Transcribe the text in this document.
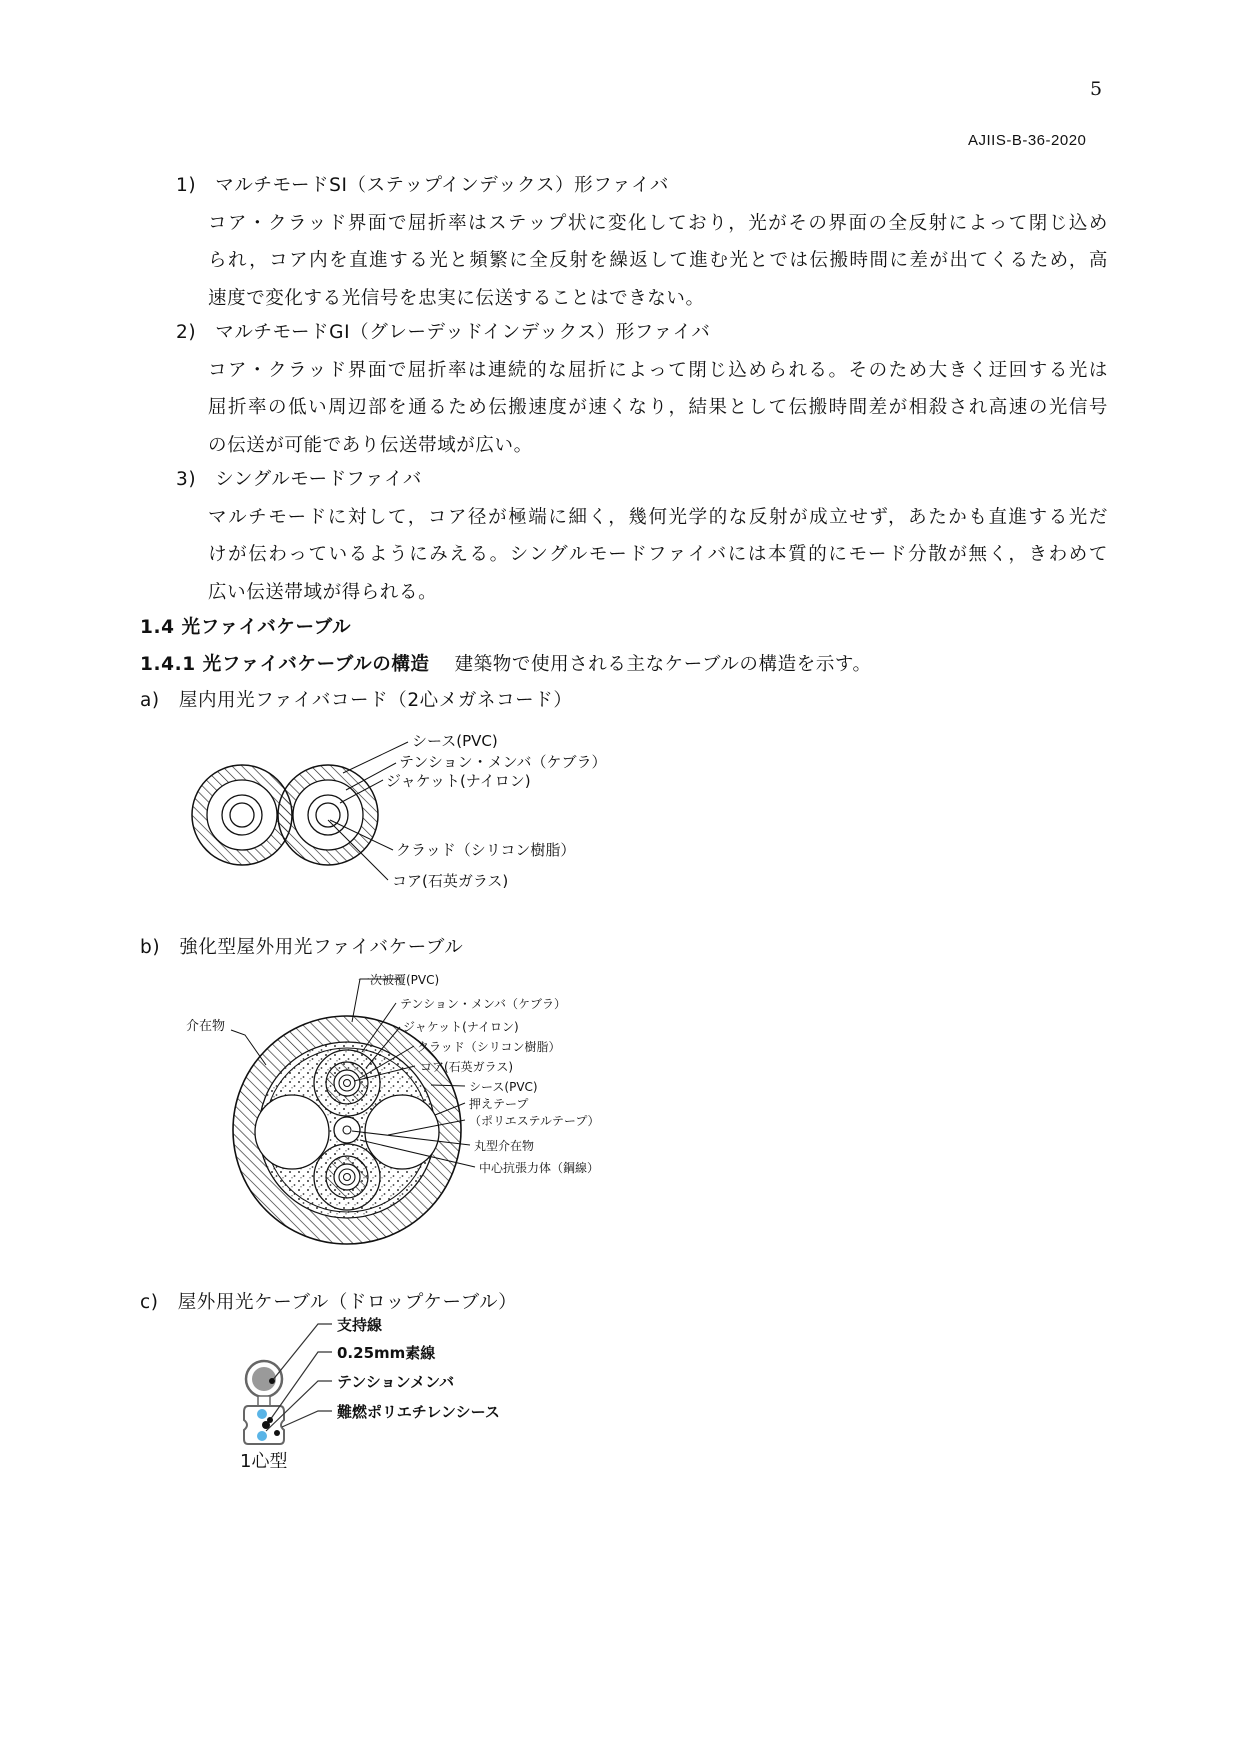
5
AJIIS-B-36-2020
1)　マルチモードSI（ステップインデックス）形ファイバ
コア・クラッド界面で屈折率はステップ状に変化しており，光がその界面の全反射によって閉じ込め
られ，コア内を直進する光と頻繁に全反射を繰返して進む光とでは伝搬時間に差が出てくるため，高
速度で変化する光信号を忠実に伝送することはできない。
2)　マルチモードGI（グレーデッドインデックス）形ファイバ
コア・クラッド界面で屈折率は連続的な屈折によって閉じ込められる。そのため大きく迂回する光は
屈折率の低い周辺部を通るため伝搬速度が速くなり，結果として伝搬時間差が相殺され高速の光信号
の伝送が可能であり伝送帯域が広い。
3)　シングルモードファイバ
マルチモードに対して，コア径が極端に細く，幾何光学的な反射が成立せず，あたかも直進する光だ
けが伝わっているようにみえる。シングルモードファイバには本質的にモード分散が無く，きわめて
広い伝送帯域が得られる。
1.4 光ファイバケーブル
1.4.1 光ファイバケーブルの構造 建築物で使用される主なケーブルの構造を示す。
a)　屋内用光ファイバコード（2心メガネコード）
シース(PVC)
テンション・メンバ（ケブラ）
ジャケット(ナイロン)
クラッド（シリコン樹脂）
コア(石英ガラス)
b)　強化型屋外用光ファイバケーブル
介在物
一次被覆(PVC)
テンション・メンバ（ケブラ）
ジャケット(ナイロン)
クラッド（シリコン樹脂）
コア(石英ガラス)
シース(PVC)
押えテープ
（ポリエステルテープ）
丸型介在物
中心抗張力体（鋼線）
c)　屋外用光ケーブル（ドロップケーブル）
支持線
0.25mm素線
テンションメンバ
難燃ポリエチレンシース
1心型
